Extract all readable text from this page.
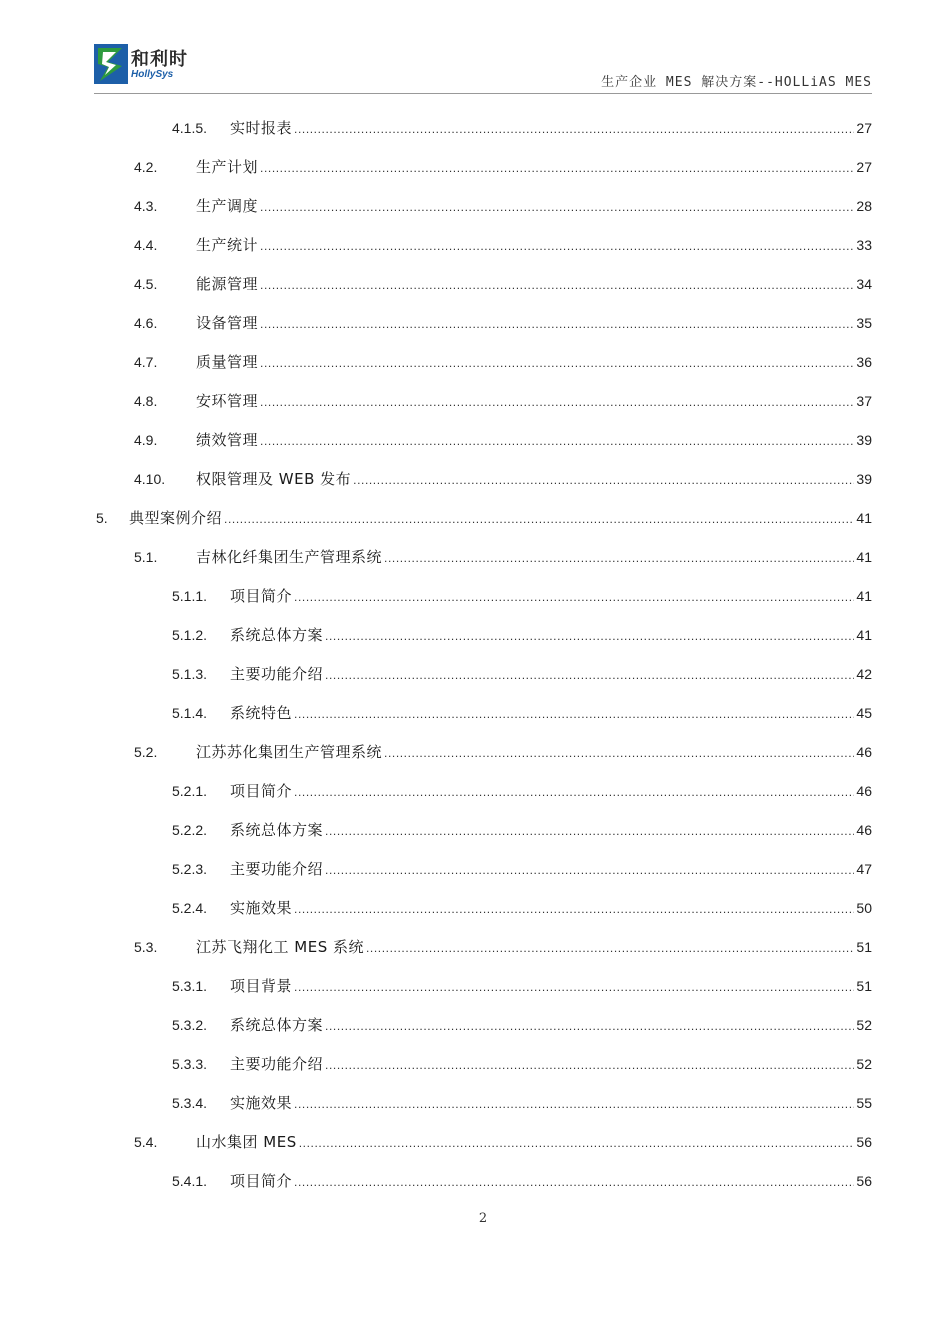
和利时
HollySys
生产企业 MES 解决方案--HOLLiAS MES
4.1.5.	实时报表 .....	27
4.2.	生产计划 .....	27
4.3.	生产调度 .....	28
4.4.	生产统计 .....	33
4.5.	能源管理 .....	34
4.6.	设备管理 .....	35
4.7.	质量管理 .....	36
4.8.	安环管理 .....	37
4.9.	绩效管理 .....	39
4.10.	权限管理及 WEB 发布 .....	39
5.	典型案例介绍 .....	41
5.1.	吉林化纤集团生产管理系统 .....	41
5.1.1.	项目简介 .....	41
5.1.2.	系统总体方案 .....	41
5.1.3.	主要功能介绍 .....	42
5.1.4.	系统特色 .....	45
5.2.	江苏苏化集团生产管理系统 .....	46
5.2.1.	项目简介 .....	46
5.2.2.	系统总体方案 .....	46
5.2.3.	主要功能介绍 .....	47
5.2.4.	实施效果 .....	50
5.3.	江苏飞翔化工 MES 系统 .....	51
5.3.1.	项目背景 .....	51
5.3.2.	系统总体方案 .....	52
5.3.3.	主要功能介绍 .....	52
5.3.4.	实施效果 .....	55
5.4.	山水集团 MES .....	56
5.4.1.	项目简介 .....	56
2
